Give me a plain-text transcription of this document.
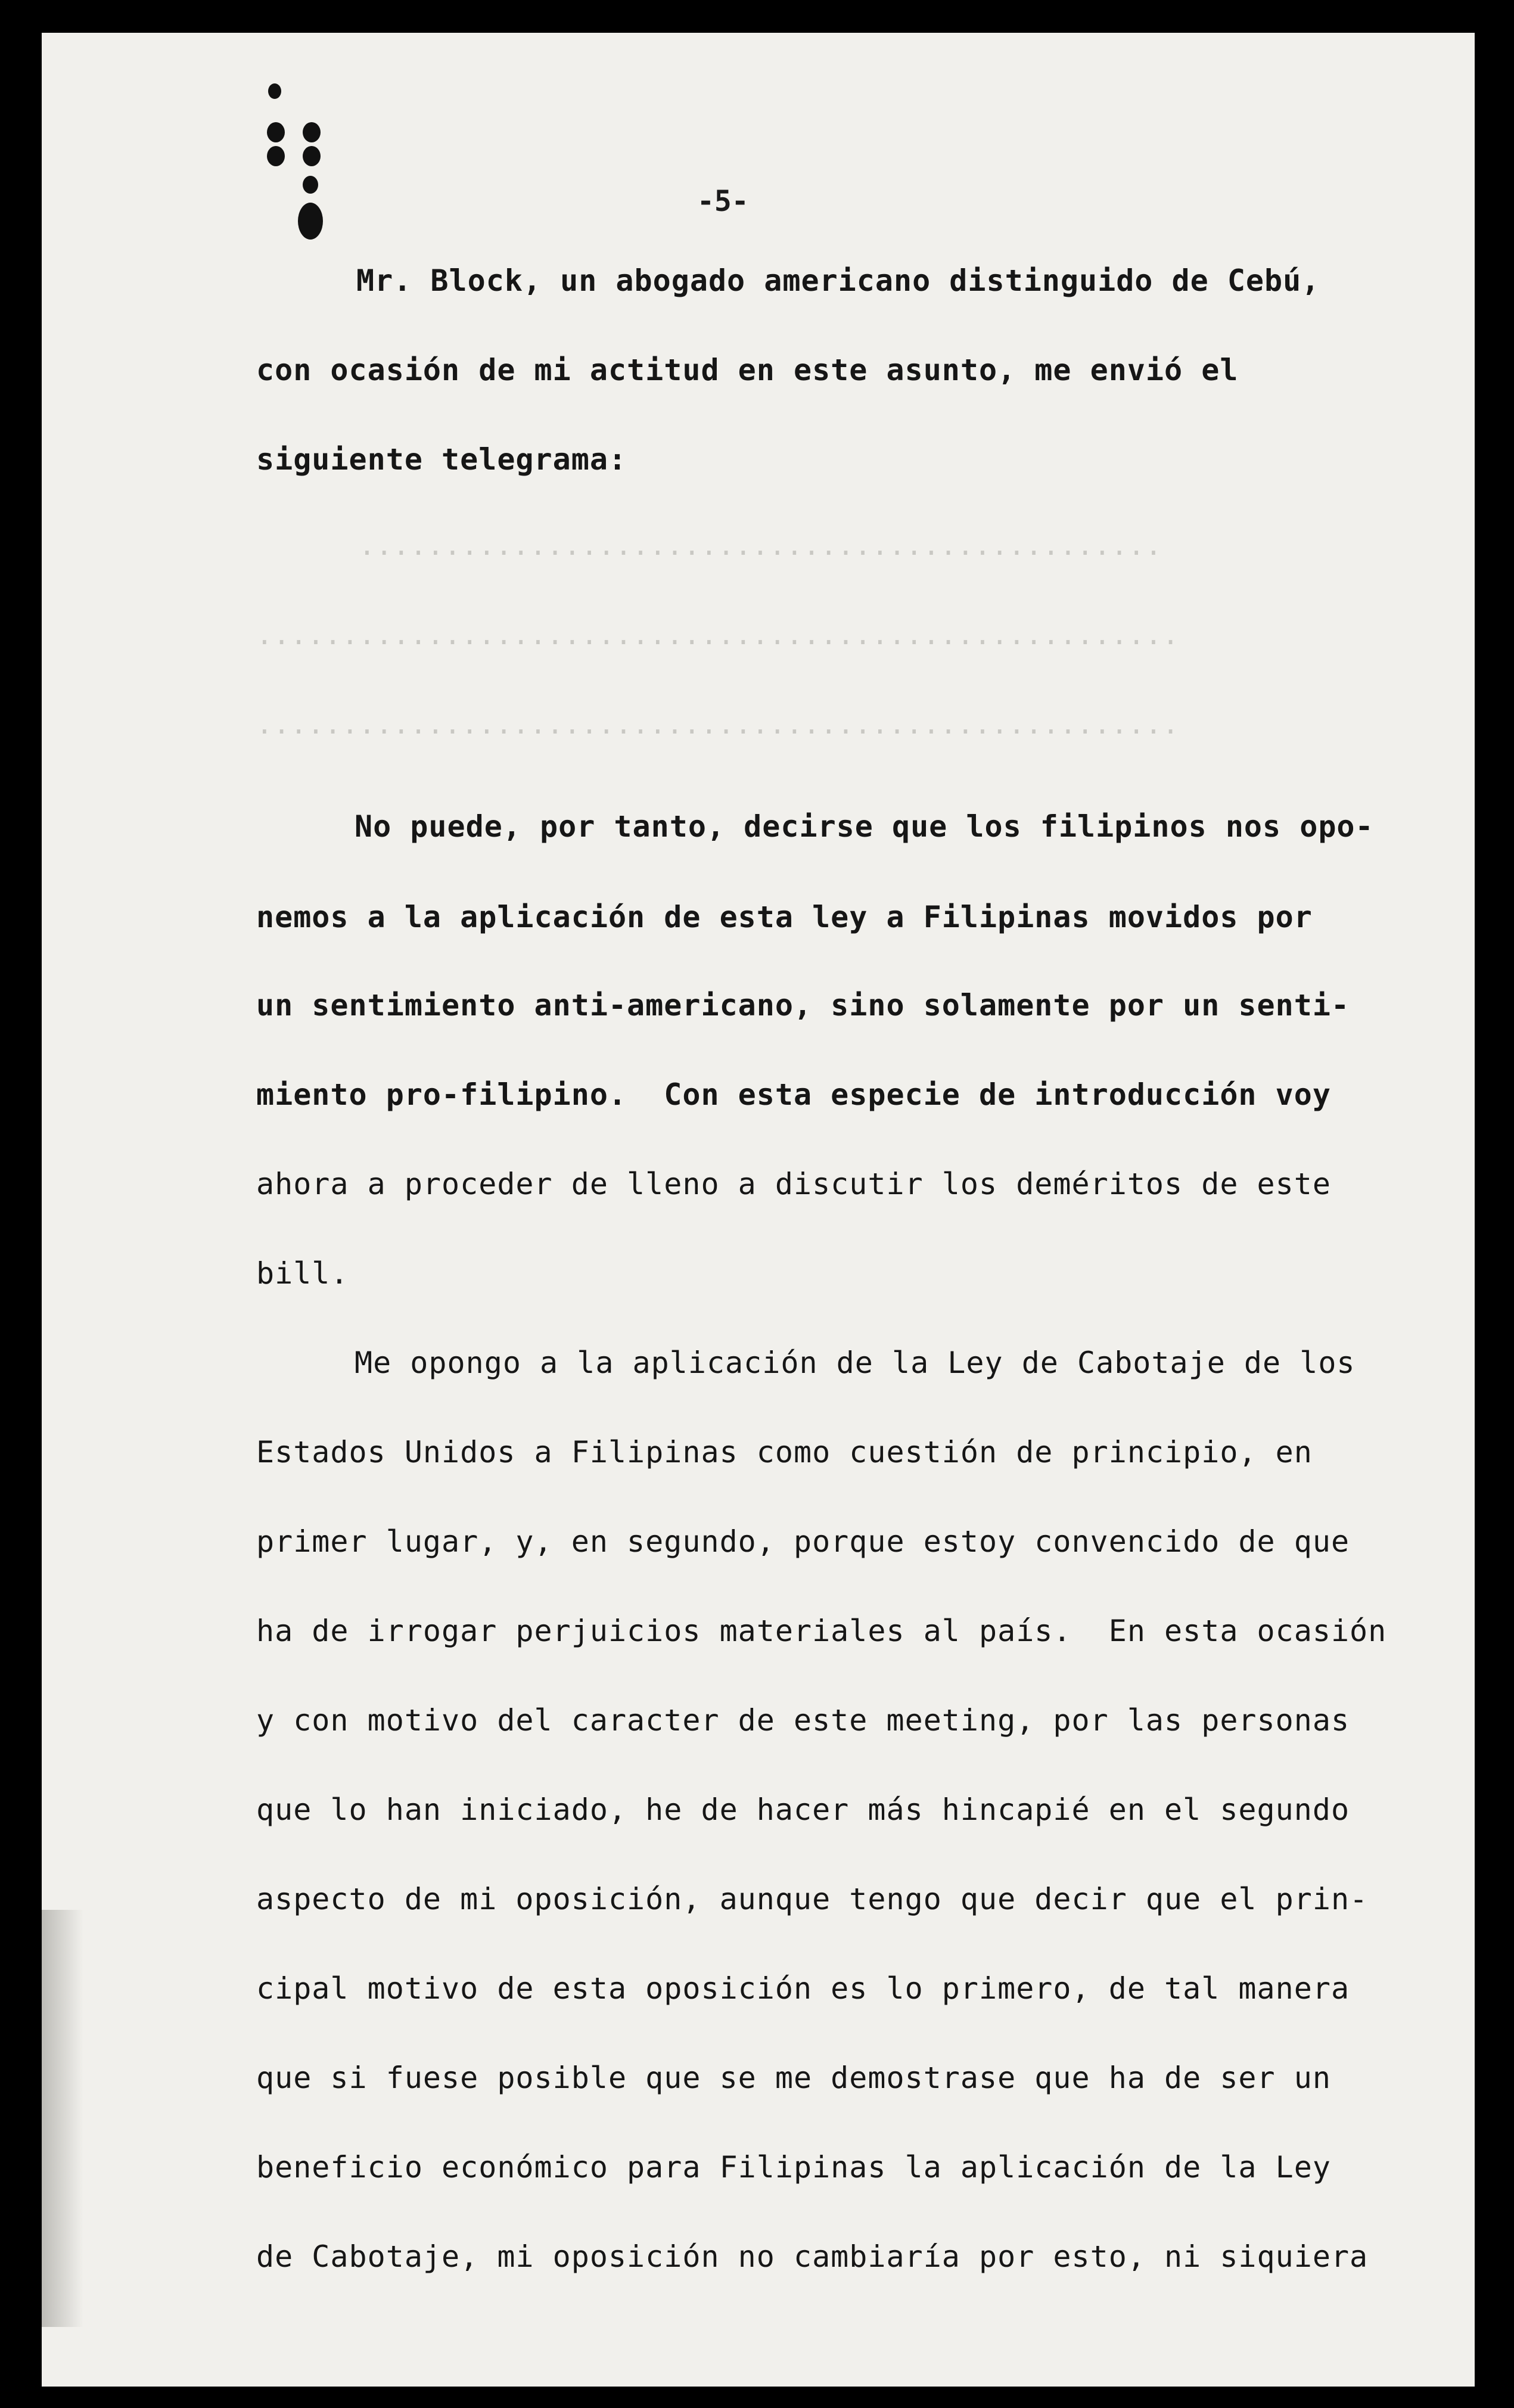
-5-
...............................................
......................................................
......................................................
Mr. Block, un abogado americano distinguido de Cebú,
con ocasión de mi actitud en este asunto, me envió el
siguiente telegrama:
No puede, por tanto, decirse que los filipinos nos opo-
nemos a la aplicación de esta ley a Filipinas movidos por
un sentimiento anti-americano, sino solamente por un senti-
miento pro-filipino.  Con esta especie de introducción voy
ahora a proceder de lleno a discutir los deméritos de este
bill.
Me opongo a la aplicación de la Ley de Cabotaje de los
Estados Unidos a Filipinas como cuestión de principio, en
primer lugar, y, en segundo, porque estoy convencido de que
ha de irrogar perjuicios materiales al país.  En esta ocasión
y con motivo del caracter de este meeting, por las personas
que lo han iniciado, he de hacer más hincapié en el segundo
aspecto de mi oposición, aunque tengo que decir que el prin-
cipal motivo de esta oposición es lo primero, de tal manera
que si fuese posible que se me demostrase que ha de ser un
beneficio económico para Filipinas la aplicación de la Ley
de Cabotaje, mi oposición no cambiaría por esto, ni siquiera
